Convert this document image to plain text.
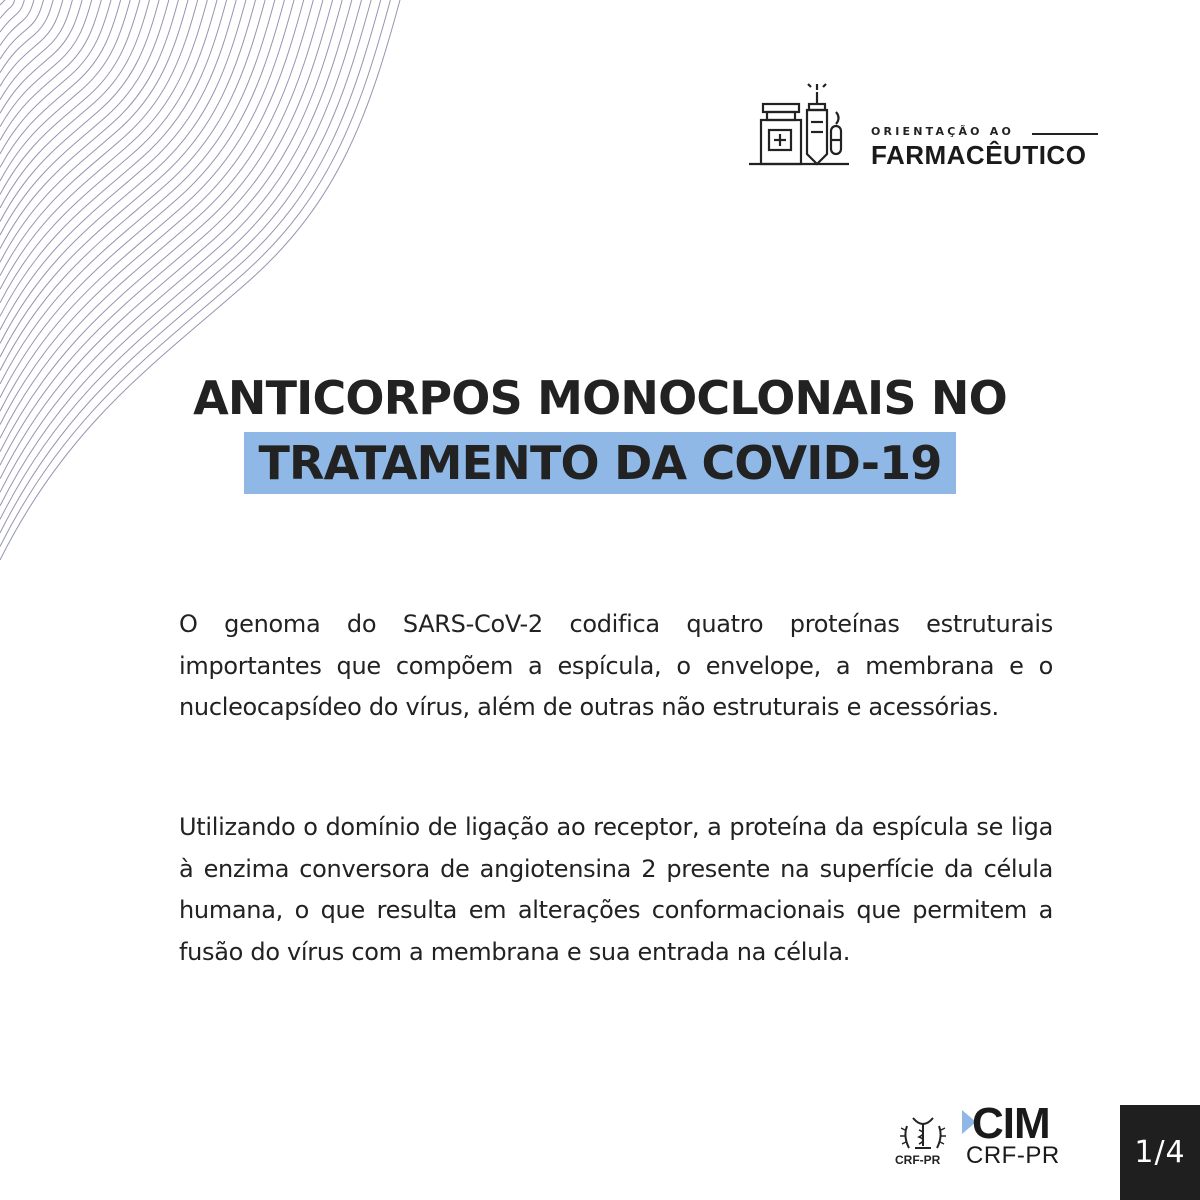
ORIENTAÇÃO AO
FARMACÊUTICO
ANTICORPOS MONOCLONAIS NO
TRATAMENTO DA COVID-19

O genoma do SARS-CoV-2 codifica quatro proteínas estruturais importantes que compõem a espícula, o envelope, a membrana e o nucleocapsídeo do vírus, além de outras não estruturais e acessórias.

Utilizando o domínio de ligação ao receptor, a proteína da espícula se liga à enzima conversora de angiotensina 2 presente na superfície da célula humana, o que resulta em alterações conformacionais que permitem a fusão do vírus com a membrana e sua entrada na célula.

CRF-PR
CIM
CRF-PR	1/4
